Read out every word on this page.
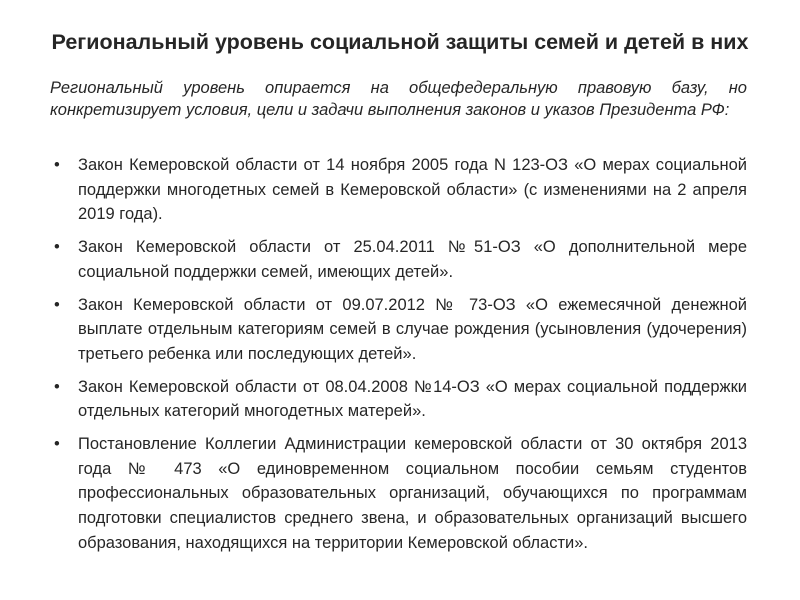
Региональный уровень социальной защиты семей и детей в них

Региональный уровень опирается на общефедеральную правовую базу, но конкретизирует условия, цели и задачи выполнения законов и указов Президента РФ:

• Закон Кемеровской области от 14 ноября 2005 года N 123-ОЗ «О мерах социальной поддержки многодетных семей в Кемеровской области» (с изменениями на 2 апреля 2019 года).
• Закон Кемеровской области от 25.04.2011 №51-ОЗ «О дополнительной мере социальной поддержки семей, имеющих детей».
• Закон Кемеровской области от 09.07.2012 № 73-ОЗ «О ежемесячной денежной выплате отдельным категориям семей в случае рождения (усыновления (удочерения) третьего ребенка или последующих детей».
• Закон Кемеровской области от 08.04.2008 №14-ОЗ «О мерах социальной поддержки отдельных категорий многодетных матерей».
• Постановление Коллегии Администрации кемеровской области от 30 октября 2013 года № 473 «О единовременном социальном пособии семьям студентов профессиональных образовательных организаций, обучающихся по программам подготовки специалистов среднего звена, и образовательных организаций высшего образования, находящихся на территории Кемеровской области».
